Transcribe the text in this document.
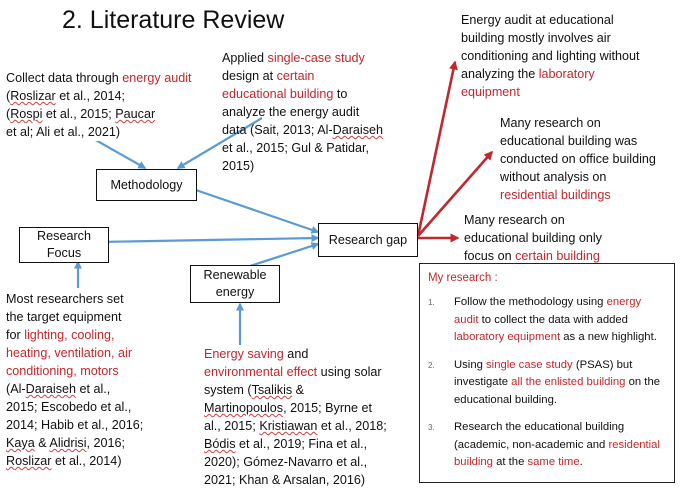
2. Literature Review
Methodology
Research Focus
Research gap
Renewable energy
Collect data through energy audit (Roslizar et al., 2014;
(Rospi et al., 2015; Paucar
et al; Ali et al., 2021)
Applied single-case study
design at certain
educational building to
analyze the energy audit
data (Sait, 2013; Al-Daraiseh
et al., 2015; Gul & Patidar,
2015)
Most researchers set
the target equipment
for lighting, cooling,
heating, ventilation, air
conditioning, motors
(Al-Daraiseh et al.,
2015; Escobedo et al.,
2014; Habib et al., 2016;
Kaya & Alidrisi, 2016;
Roslizar et al., 2014)
Energy saving and
environmental effect using solar
system (Tsalikis &
Martinopoulos, 2015; Byrne et
al., 2015; Kristiawan et al., 2018;
Bódis et al., 2019; Fina et al.,
2020); Gómez-Navarro et al.,
2021; Khan & Arsalan, 2016)
Energy audit at educational
building mostly involves air
conditioning and lighting without
analyzing the laboratory
equipment
Many research on
educational building was
conducted on office building
without analysis on
residential buildings
Many research on
educational building only
focus on certain building
My research :
1. Follow the methodology using energy audit to collect the data with added laboratory equipment as a new highlight.
2. Using single case study (PSAS) but investigate all the enlisted building on the educational building.
3. Research the educational building (academic, non-academic and residential building at the same time.
